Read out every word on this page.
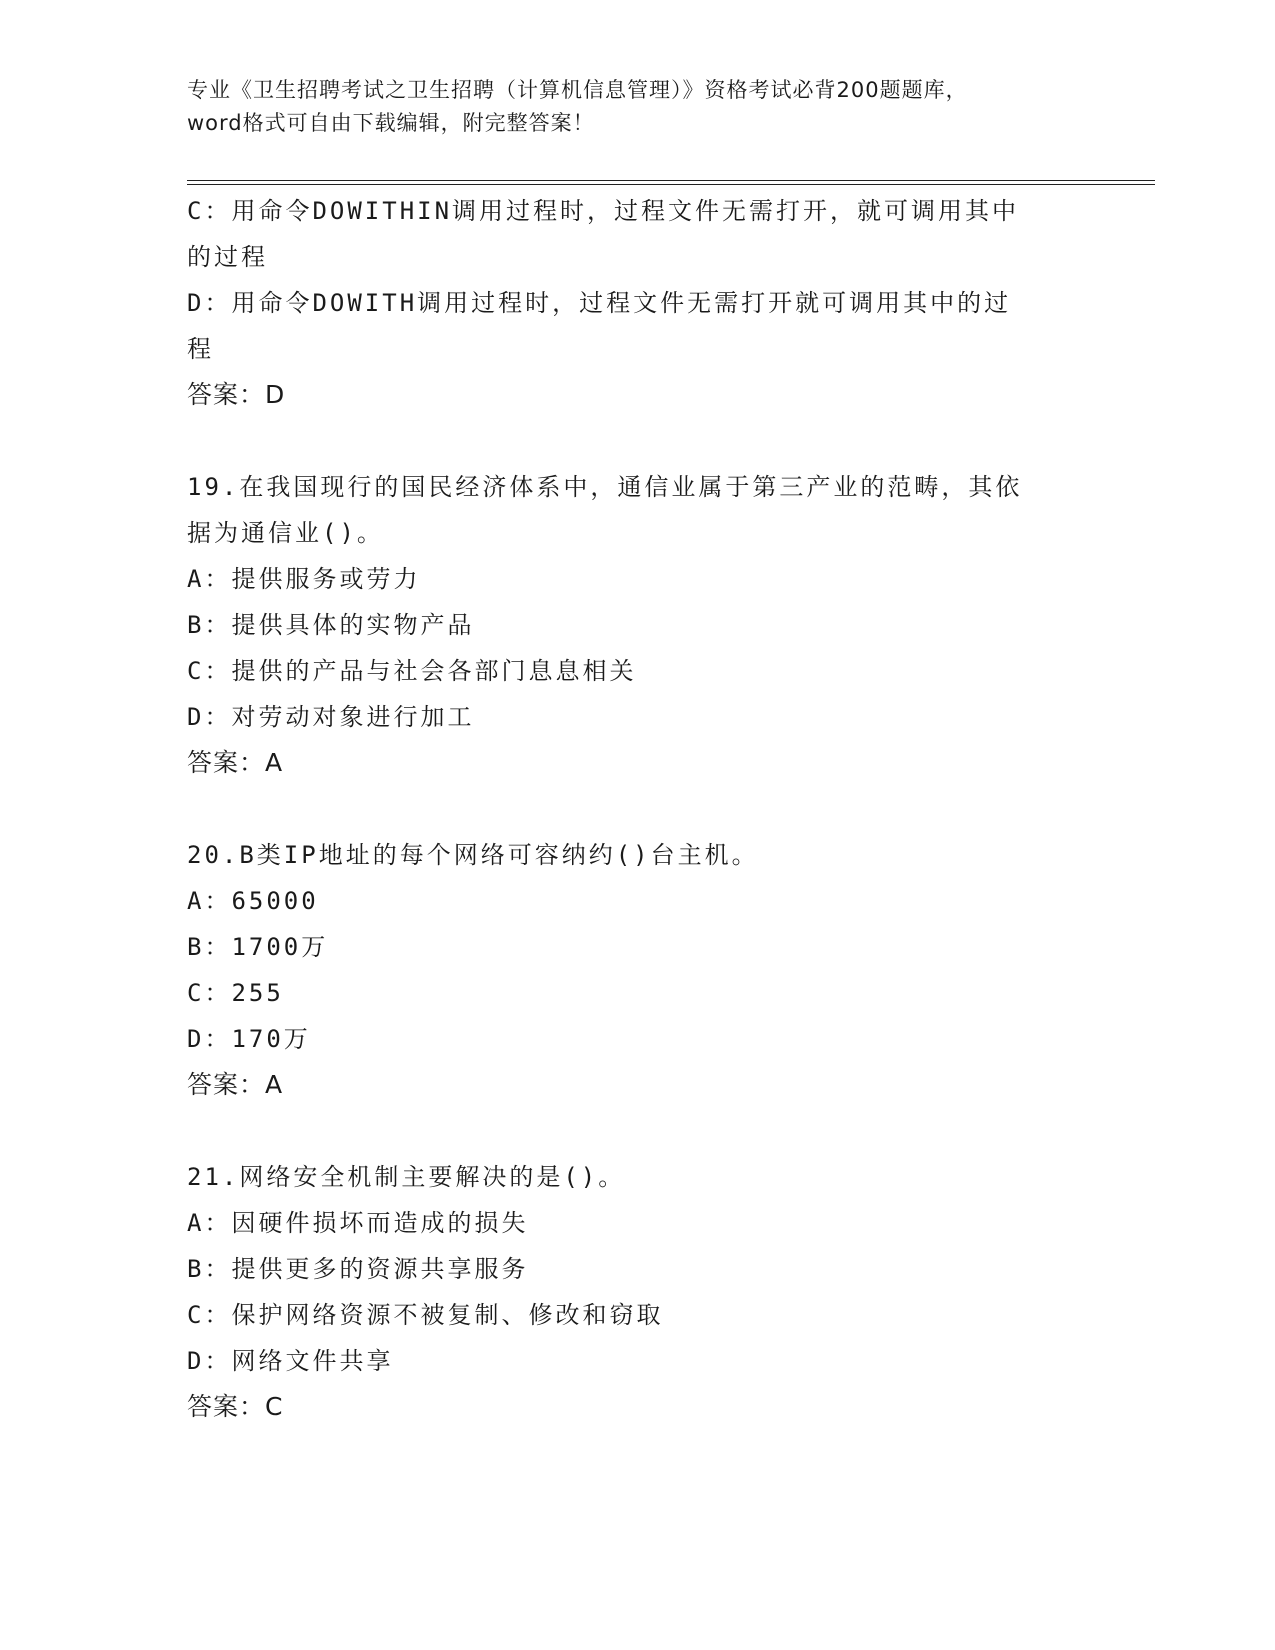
专业《卫生招聘考试之卫生招聘（计算机信息管理）》资格考试必背200题题库，
word格式可自由下载编辑，附完整答案！
C：用命令DOWITHIN调用过程时，过程文件无需打开，就可调用其中
的过程
D：用命令DOWITH调用过程时，过程文件无需打开就可调用其中的过
程
答案：D
19.在我国现行的国民经济体系中，通信业属于第三产业的范畴，其依
据为通信业()。
A：提供服务或劳力
B：提供具体的实物产品
C：提供的产品与社会各部门息息相关
D：对劳动对象进行加工
答案：A
20.B类IP地址的每个网络可容纳约()台主机。
A：65000
B：1700万
C：255
D：170万
答案：A
21.网络安全机制主要解决的是()。
A：因硬件损坏而造成的损失
B：提供更多的资源共享服务
C：保护网络资源不被复制、修改和窃取
D：网络文件共享
答案：C
